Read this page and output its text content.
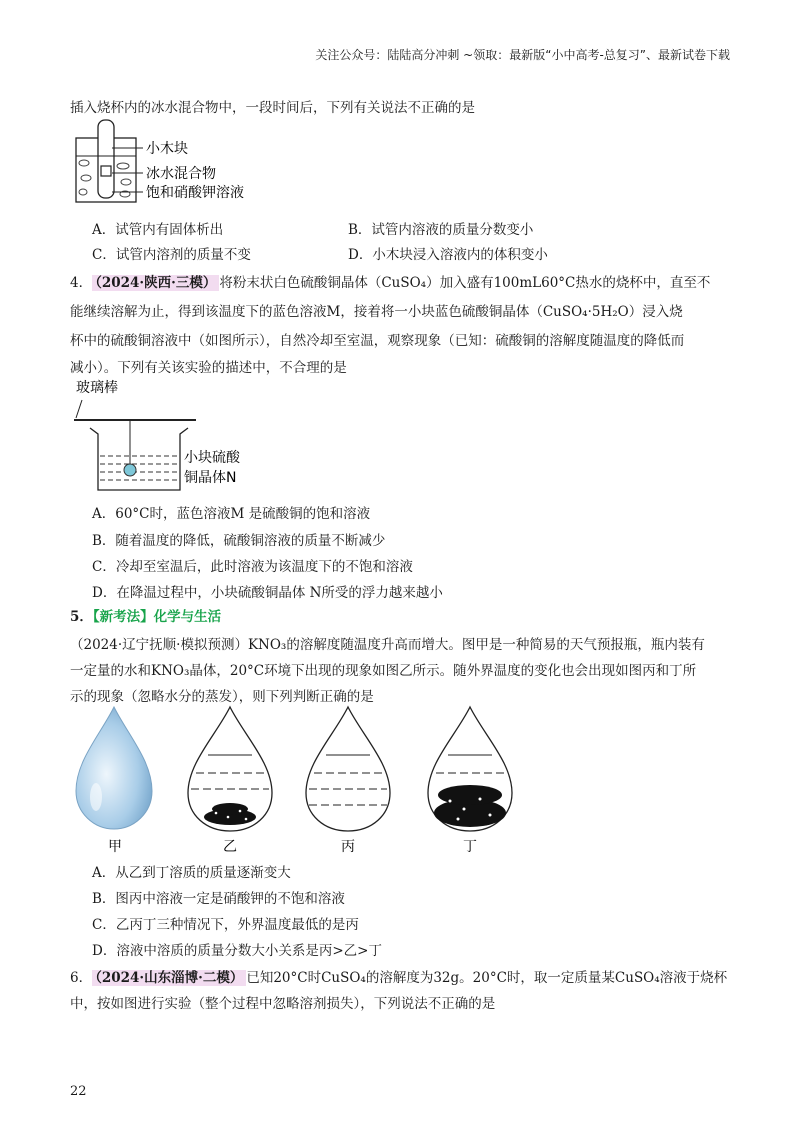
关注公众号：陆陆高分冲刺 ~领取：最新版“小中高考-总复习”、最新试卷下载
插入烧杯内的冰水混合物中，一段时间后，下列有关说法不正确的是
小木块
冰水混合物
饱和硝酸钾溶液
A．试管内有固体析出	B．试管内溶液的质量分数变小
C．试管内溶剂的质量不变	D．小木块浸入溶液内的体积变小
4． （2024·陕西·三模） 将粉末状白色硫酸铜晶体（CuSO₄）加入盛有100mL60°C热水的烧杯中，直至不
能继续溶解为止，得到该温度下的蓝色溶液M，接着将一小块蓝色硫酸铜晶体（CuSO₄·5H₂O）浸入烧
杯中的硫酸铜溶液中（如图所示），自然冷却至室温，观察现象（已知：硫酸铜的溶解度随温度的降低而
减小）。下列有关该实验的描述中，不合理的是
玻璃棒
小块硫酸
铜晶体N
A．60°C时，蓝色溶液M 是硫酸铜的饱和溶液
B．随着温度的降低，硫酸铜溶液的质量不断减少
C．冷却至室温后，此时溶液为该温度下的不饱和溶液
D．在降温过程中，小块硫酸铜晶体 N所受的浮力越来越小
5．【新考法】化学与生活
（2024·辽宁抚顺·模拟预测）KNO₃的溶解度随温度升高而增大。图甲是一种简易的天气预报瓶，瓶内装有
一定量的水和KNO₃晶体，20°C环境下出现的现象如图乙所示。随外界温度的变化也会出现如图丙和丁所
示的现象（忽略水分的蒸发），则下列判断正确的是
甲	乙	丙	丁
A．从乙到丁溶质的质量逐渐变大
B．图丙中溶液一定是硝酸钾的不饱和溶液
C．乙丙丁三种情况下，外界温度最低的是丙
D．溶液中溶质的质量分数大小关系是丙>乙>丁
6． （2024·山东淄博·二模） 已知20°C时CuSO₄的溶解度为32g。20°C时，取一定质量某CuSO₄溶液于烧杯
中，按如图进行实验（整个过程中忽略溶剂损失），下列说法不正确的是
22
